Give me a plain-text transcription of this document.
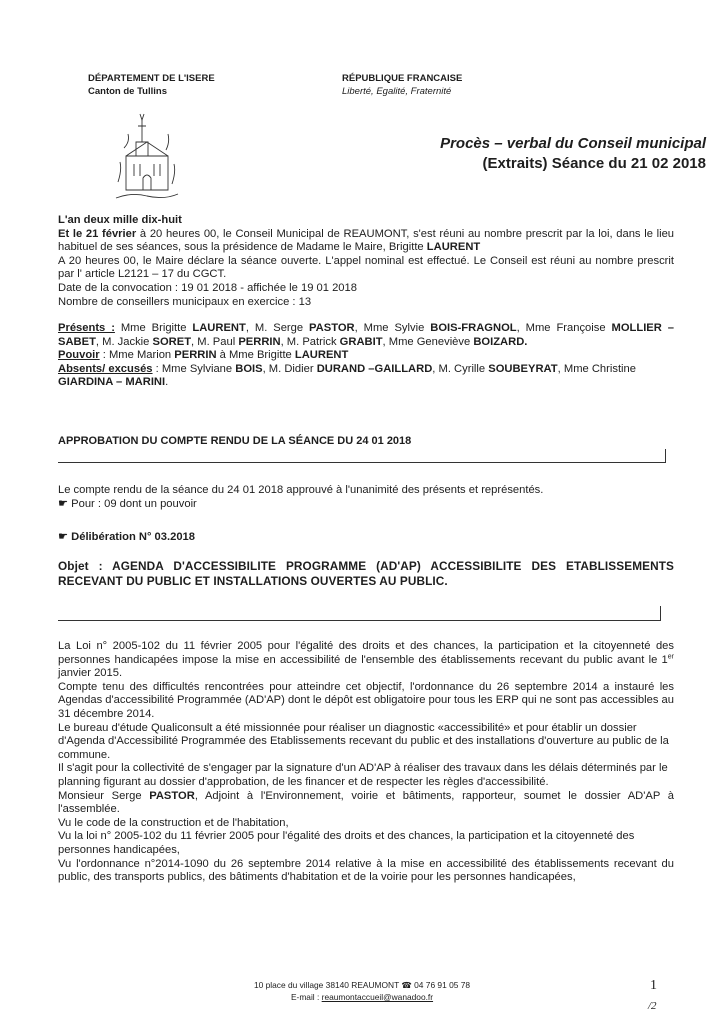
DÉPARTEMENT DE L'ISERE
Canton de Tullins
RÉPUBLIQUE FRANCAISE
Liberté, Egalité, Fraternité
Procès – verbal du Conseil municipal
(Extraits) Séance du 21 02 2018

L'an deux mille dix-huit

Et le 21 février à 20 heures 00, le Conseil Municipal de REAUMONT, s'est réuni au nombre prescrit par la loi, dans le lieu habituel de ses séances, sous la présidence de Madame le Maire, Brigitte LAURENT

A 20 heures 00, le Maire déclare la séance ouverte. L'appel nominal est effectué. Le Conseil est réuni au nombre prescrit par l' article L2121 – 17 du CGCT.

Date de la convocation : 19 01 2018 - affichée le 19 01 2018

Nombre de conseillers municipaux en exercice : 13

Présents : Mme Brigitte LAURENT, M. Serge PASTOR, Mme Sylvie BOIS-FRAGNOL, Mme Françoise MOLLIER –SABET, M. Jackie SORET, M. Paul PERRIN, M. Patrick GRABIT, Mme Geneviève BOIZARD.

Pouvoir : Mme Marion PERRIN à Mme Brigitte LAURENT

Absents/ excusés : Mme Sylviane BOIS, M. Didier DURAND –GAILLARD, M. Cyrille SOUBEYRAT, Mme Christine GIARDINA – MARINI.

APPROBATION DU COMPTE RENDU DE LA SÉANCE DU 24 01 2018

Le compte rendu de la séance du 24 01 2018 approuvé à l'unanimité des présents et représentés.

☛ Pour : 09 dont un pouvoir

☛ Délibération N° 03.2018
Objet : AGENDA D'ACCESSIBILITE PROGRAMME (AD'AP) ACCESSIBILITE DES ETABLISSEMENTS RECEVANT DU PUBLIC ET INSTALLATIONS OUVERTES AU PUBLIC.

La Loi n° 2005-102 du 11 février 2005 pour l'égalité des droits et des chances, la participation et la citoyenneté des personnes handicapées impose la mise en accessibilité de l'ensemble des établissements recevant du public avant le 1er janvier 2015.

Compte tenu des difficultés rencontrées pour atteindre cet objectif, l'ordonnance du 26 septembre 2014 a instauré les Agendas d'accessibilité Programmée (AD'AP) dont le dépôt est obligatoire pour tous les ERP qui ne sont pas accessibles au 31 décembre 2014.

Le bureau d'étude Qualiconsult a été missionnée pour réaliser un diagnostic «accessibilité» et pour établir un dossier d'Agenda d'Accessibilité Programmée des Etablissements recevant du public et des installations d'ouverture au public de la commune.

Il s'agit pour la collectivité de s'engager par la signature d'un AD'AP à réaliser des travaux dans les délais déterminés par le planning figurant au dossier d'approbation, de les financer et de respecter les règles d'accessibilité.

Monsieur Serge PASTOR, Adjoint à l'Environnement, voirie et bâtiments, rapporteur, soumet le dossier AD'AP à l'assemblée.

Vu le code de la construction et de l'habitation,

Vu la loi n° 2005-102 du 11 février 2005 pour l'égalité des droits et des chances, la participation et la citoyenneté des personnes handicapées,

Vu l'ordonnance n°2014-1090 du 26 septembre 2014 relative à la mise en accessibilité des établissements recevant du public, des transports publics, des bâtiments d'habitation et de la voirie pour les personnes handicapées,

10 place du village 38140 REAUMONT ☎ 04 76 91 05 78
E-mail : reaumontaccueil@wanadoo.fr
1
/2
